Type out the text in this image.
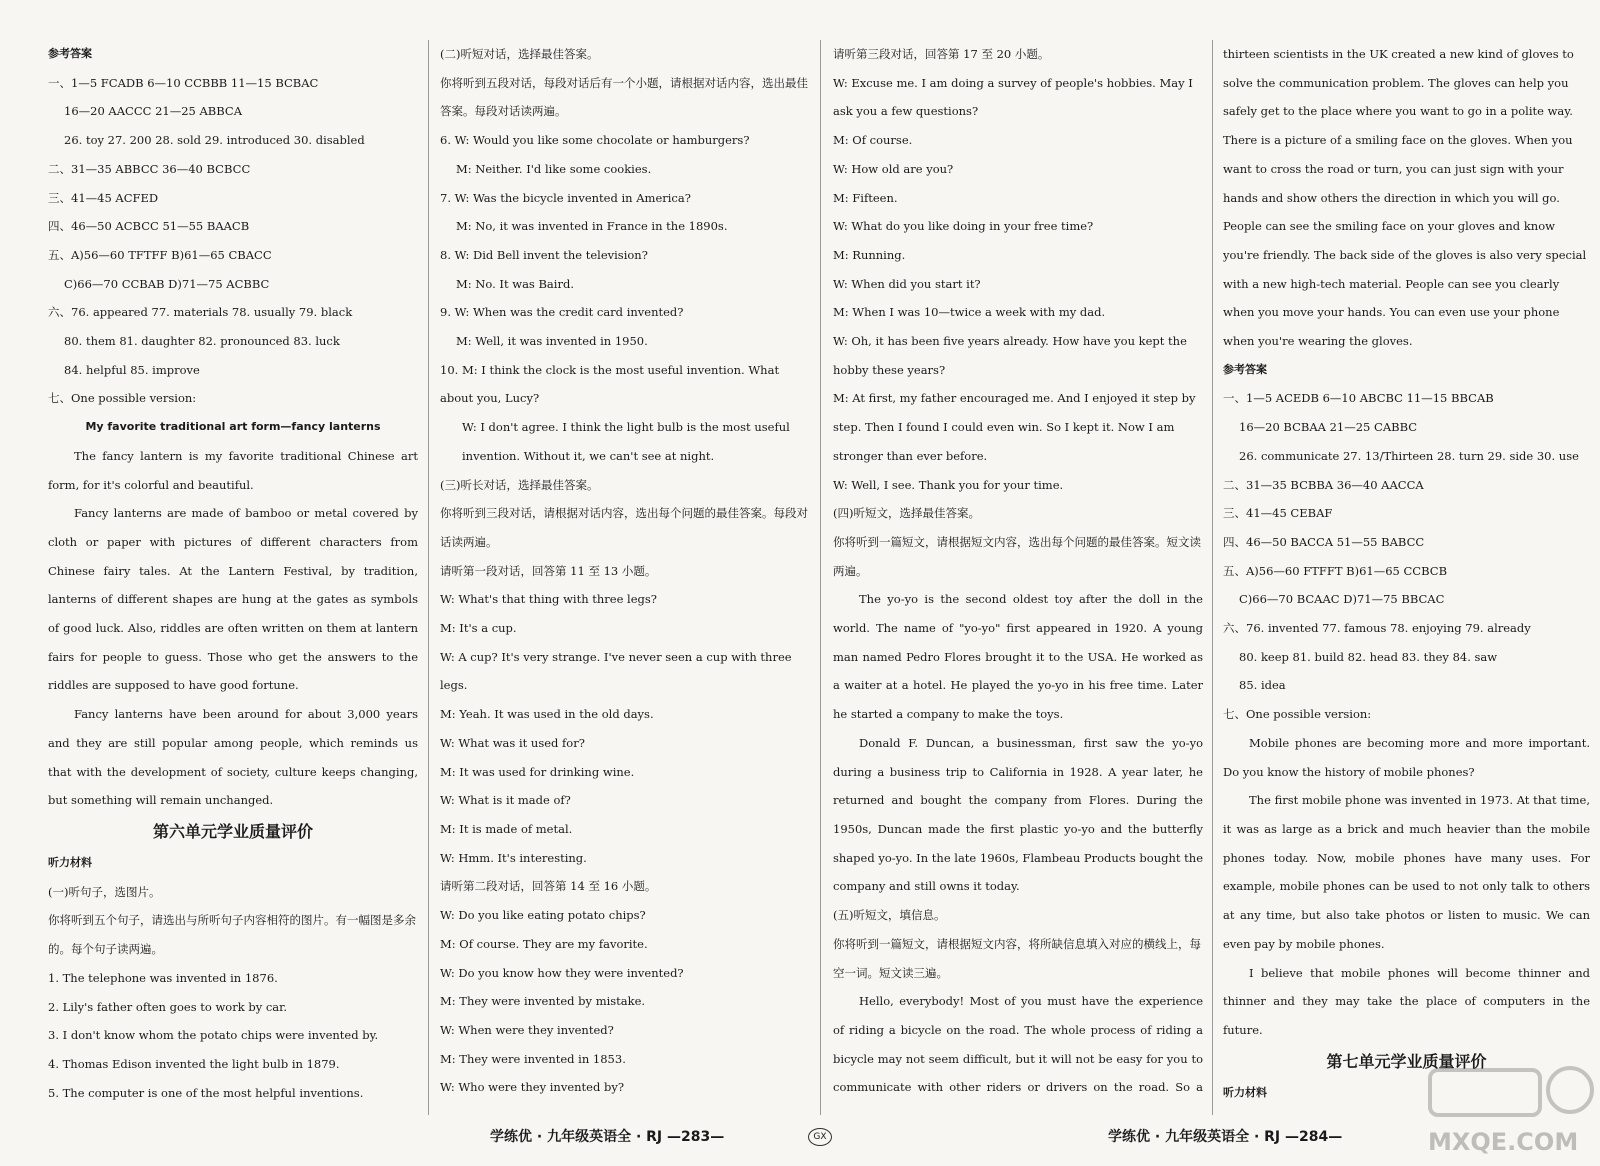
参考答案

一、1—5 FCADB 6—10 CCBBB 11—15 BCBAC

16—20 AACCC 21—25 ABBCA

26. toy 27. 200 28. sold 29. introduced 30. disabled

二、31—35 ABBCC 36—40 BCBCC

三、41—45 ACFED

四、46—50 ACBCC 51—55 BAACB

五、A)56—60 TFTFF B)61—65 CBACC

C)66—70 CCBAB D)71—75 ACBBC

六、76. appeared 77. materials 78. usually 79. black

80. them 81. daughter 82. pronounced 83. luck

84. helpful 85. improve

七、One possible version:

My favorite traditional art form—fancy lanterns

The fancy lantern is my favorite traditional Chinese art form, for it's colorful and beautiful.

Fancy lanterns are made of bamboo or metal covered by cloth or paper with pictures of different characters from Chinese fairy tales. At the Lantern Festival, by tradition, lanterns of different shapes are hung at the gates as symbols of good luck. Also, riddles are often written on them at lantern fairs for people to guess. Those who get the answers to the riddles are supposed to have good fortune.

Fancy lanterns have been around for about 3,000 years and they are still popular among people, which reminds us that with the development of society, culture keeps changing, but something will remain unchanged.

第六单元学业质量评价

听力材料

(一)听句子，选图片。

你将听到五个句子，请选出与所听句子内容相符的图片。有一幅图是多余的。每个句子读两遍。

1. The telephone was invented in 1876.

2. Lily's father often goes to work by car.

3. I don't know whom the potato chips were invented by.

4. Thomas Edison invented the light bulb in 1879.

5. The computer is one of the most helpful inventions.

(二)听短对话，选择最佳答案。

你将听到五段对话，每段对话后有一个小题，请根据对话内容，选出最佳答案。每段对话读两遍。

6. W: Would you like some chocolate or hamburgers?

M: Neither. I'd like some cookies.

7. W: Was the bicycle invented in America?

M: No, it was invented in France in the 1890s.

8. W: Did Bell invent the television?

M: No. It was Baird.

9. W: When was the credit card invented?

M: Well, it was invented in 1950.

10. M: I think the clock is the most useful invention. What about you, Lucy?

W: I don't agree. I think the light bulb is the most useful invention. Without it, we can't see at night.

(三)听长对话，选择最佳答案。

你将听到三段对话，请根据对话内容，选出每个问题的最佳答案。每段对话读两遍。

请听第一段对话，回答第 11 至 13 小题。

W: What's that thing with three legs?

M: It's a cup.

W: A cup? It's very strange. I've never seen a cup with three legs.

M: Yeah. It was used in the old days.

W: What was it used for?

M: It was used for drinking wine.

W: What is it made of?

M: It is made of metal.

W: Hmm. It's interesting.

请听第二段对话，回答第 14 至 16 小题。

W: Do you like eating potato chips?

M: Of course. They are my favorite.

W: Do you know how they were invented?

M: They were invented by mistake.

W: When were they invented?

M: They were invented in 1853.

W: Who were they invented by?

请听第三段对话，回答第 17 至 20 小题。

W: Excuse me. I am doing a survey of people's hobbies. May I ask you a few questions?

M: Of course.

W: How old are you?

M: Fifteen.

W: What do you like doing in your free time?

M: Running.

W: When did you start it?

M: When I was 10—twice a week with my dad.

W: Oh, it has been five years already. How have you kept the hobby these years?

M: At first, my father encouraged me. And I enjoyed it step by step. Then I found I could even win. So I kept it. Now I am stronger than ever before.

W: Well, I see. Thank you for your time.

(四)听短文，选择最佳答案。

你将听到一篇短文，请根据短文内容，选出每个问题的最佳答案。短文读两遍。

The yo-yo is the second oldest toy after the doll in the world. The name of "yo-yo" first appeared in 1920. A young man named Pedro Flores brought it to the USA. He worked as a waiter at a hotel. He played the yo-yo in his free time. Later he started a company to make the toys.

Donald F. Duncan, a businessman, first saw the yo-yo during a business trip to California in 1928. A year later, he returned and bought the company from Flores. During the 1950s, Duncan made the first plastic yo-yo and the butterfly shaped yo-yo. In the late 1960s, Flambeau Products bought the company and still owns it today.

(五)听短文，填信息。

你将听到一篇短文，请根据短文内容，将所缺信息填入对应的横线上，每空一词。短文读三遍。

Hello, everybody! Most of you must have the experience of riding a bicycle on the road. The whole process of riding a bicycle may not seem difficult, but it will not be easy for you to communicate with other riders or drivers on the road. So a

thirteen scientists in the UK created a new kind of gloves to solve the communication problem. The gloves can help you safely get to the place where you want to go in a polite way. There is a picture of a smiling face on the gloves. When you want to cross the road or turn, you can just sign with your hands and show others the direction in which you will go. People can see the smiling face on your gloves and know you're friendly. The back side of the gloves is also very special with a new high-tech material. People can see you clearly when you move your hands. You can even use your phone when you're wearing the gloves.

参考答案

一、1—5 ACEDB 6—10 ABCBC 11—15 BBCAB

16—20 BCBAA 21—25 CABBC

26. communicate 27. 13/Thirteen 28. turn 29. side 30. use

二、31—35 BCBBA 36—40 AACCA

三、41—45 CEBAF

四、46—50 BACCA 51—55 BABCC

五、A)56—60 FTFFT B)61—65 CCBCB

C)66—70 BCAAC D)71—75 BBCAC

六、76. invented 77. famous 78. enjoying 79. already

80. keep 81. build 82. head 83. they 84. saw

85. idea

七、One possible version:

Mobile phones are becoming more and more important. Do you know the history of mobile phones?

The first mobile phone was invented in 1973. At that time, it was as large as a brick and much heavier than the mobile phones today. Now, mobile phones have many uses. For example, mobile phones can be used to not only talk to others at any time, but also take photos or listen to music. We can even pay by mobile phones.

I believe that mobile phones will become thinner and thinner and they may take the place of computers in the future.

第七单元学业质量评价

听力材料

学练优 · 九年级英语全 · RJ —283—	GX	学练优 · 九年级英语全 · RJ —284—	MXQE.COM
